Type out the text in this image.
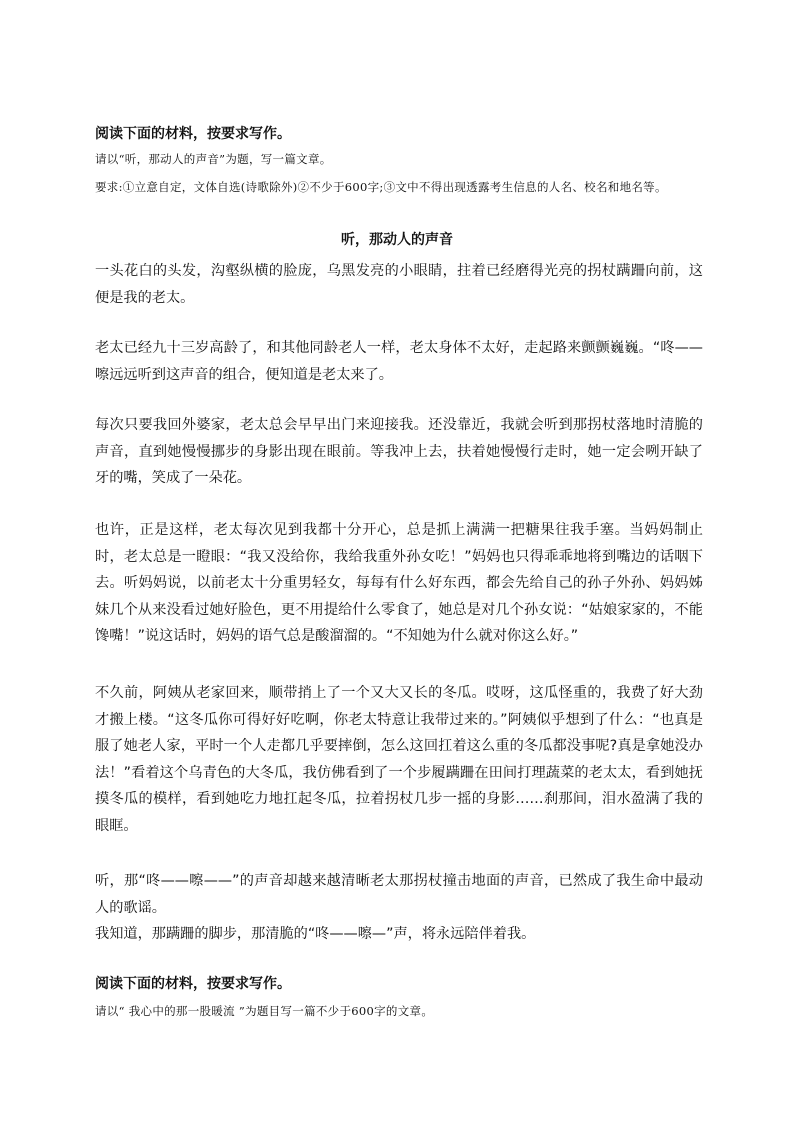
阅读下面的材料，按要求写作。
请以“听，那动人的声音”为题，写一篇文章。
要求:①立意自定，文体自选(诗歌除外)②不少于600字;③文中不得出现透露考生信息的人名、校名和地名等。
听，那动人的声音
一头花白的头发，沟壑纵横的脸庞，乌黑发亮的小眼睛，拄着已经磨得光亮的拐杖蹒跚向前，这便是我的老太。
老太已经九十三岁高龄了，和其他同龄老人一样，老太身体不太好，走起路来颤颤巍巍。“咚——嚓远远听到这声音的组合，便知道是老太来了。
每次只要我回外婆家，老太总会早早出门来迎接我。还没靠近，我就会听到那拐杖落地时清脆的声音，直到她慢慢挪步的身影出现在眼前。等我冲上去，扶着她慢慢行走时，她一定会咧开缺了牙的嘴，笑成了一朵花。
也许，正是这样，老太每次见到我都十分开心，总是抓上满满一把糖果往我手塞。当妈妈制止时，老太总是一瞪眼：“我又没给你，我给我重外孙女吃！”妈妈也只得乖乖地将到嘴边的话咽下去。听妈妈说，以前老太十分重男轻女，每每有什么好东西，都会先给自己的孙子外孙、妈妈姊妹几个从来没看过她好脸色，更不用提给什么零食了，她总是对几个孙女说：“姑娘家家的，不能馋嘴！”说这话时，妈妈的语气总是酸溜溜的。“不知她为什么就对你这么好。”
不久前，阿姨从老家回来，顺带捎上了一个又大又长的冬瓜。哎呀，这瓜怪重的，我费了好大劲才搬上楼。“这冬瓜你可得好好吃啊，你老太特意让我带过来的。”阿姨似乎想到了什么：“也真是服了她老人家，平时一个人走都几乎要摔倒，怎么这回扛着这么重的冬瓜都没事呢?真是拿她没办法！”看着这个乌青色的大冬瓜，我仿佛看到了一个步履蹒跚在田间打理蔬菜的老太太，看到她抚摸冬瓜的模样，看到她吃力地扛起冬瓜，拉着拐杖几步一摇的身影……刹那间，泪水盈满了我的眼眶。
听，那“咚——嚓——”的声音却越来越清晰老太那拐杖撞击地面的声音，已然成了我生命中最动人的歌谣。
我知道，那蹒跚的脚步，那清脆的“咚——嚓—”声，将永远陪伴着我。
阅读下面的材料，按要求写作。
请以“ 我心中的那一股暖流 ”为题目写一篇不少于600字的文章。
